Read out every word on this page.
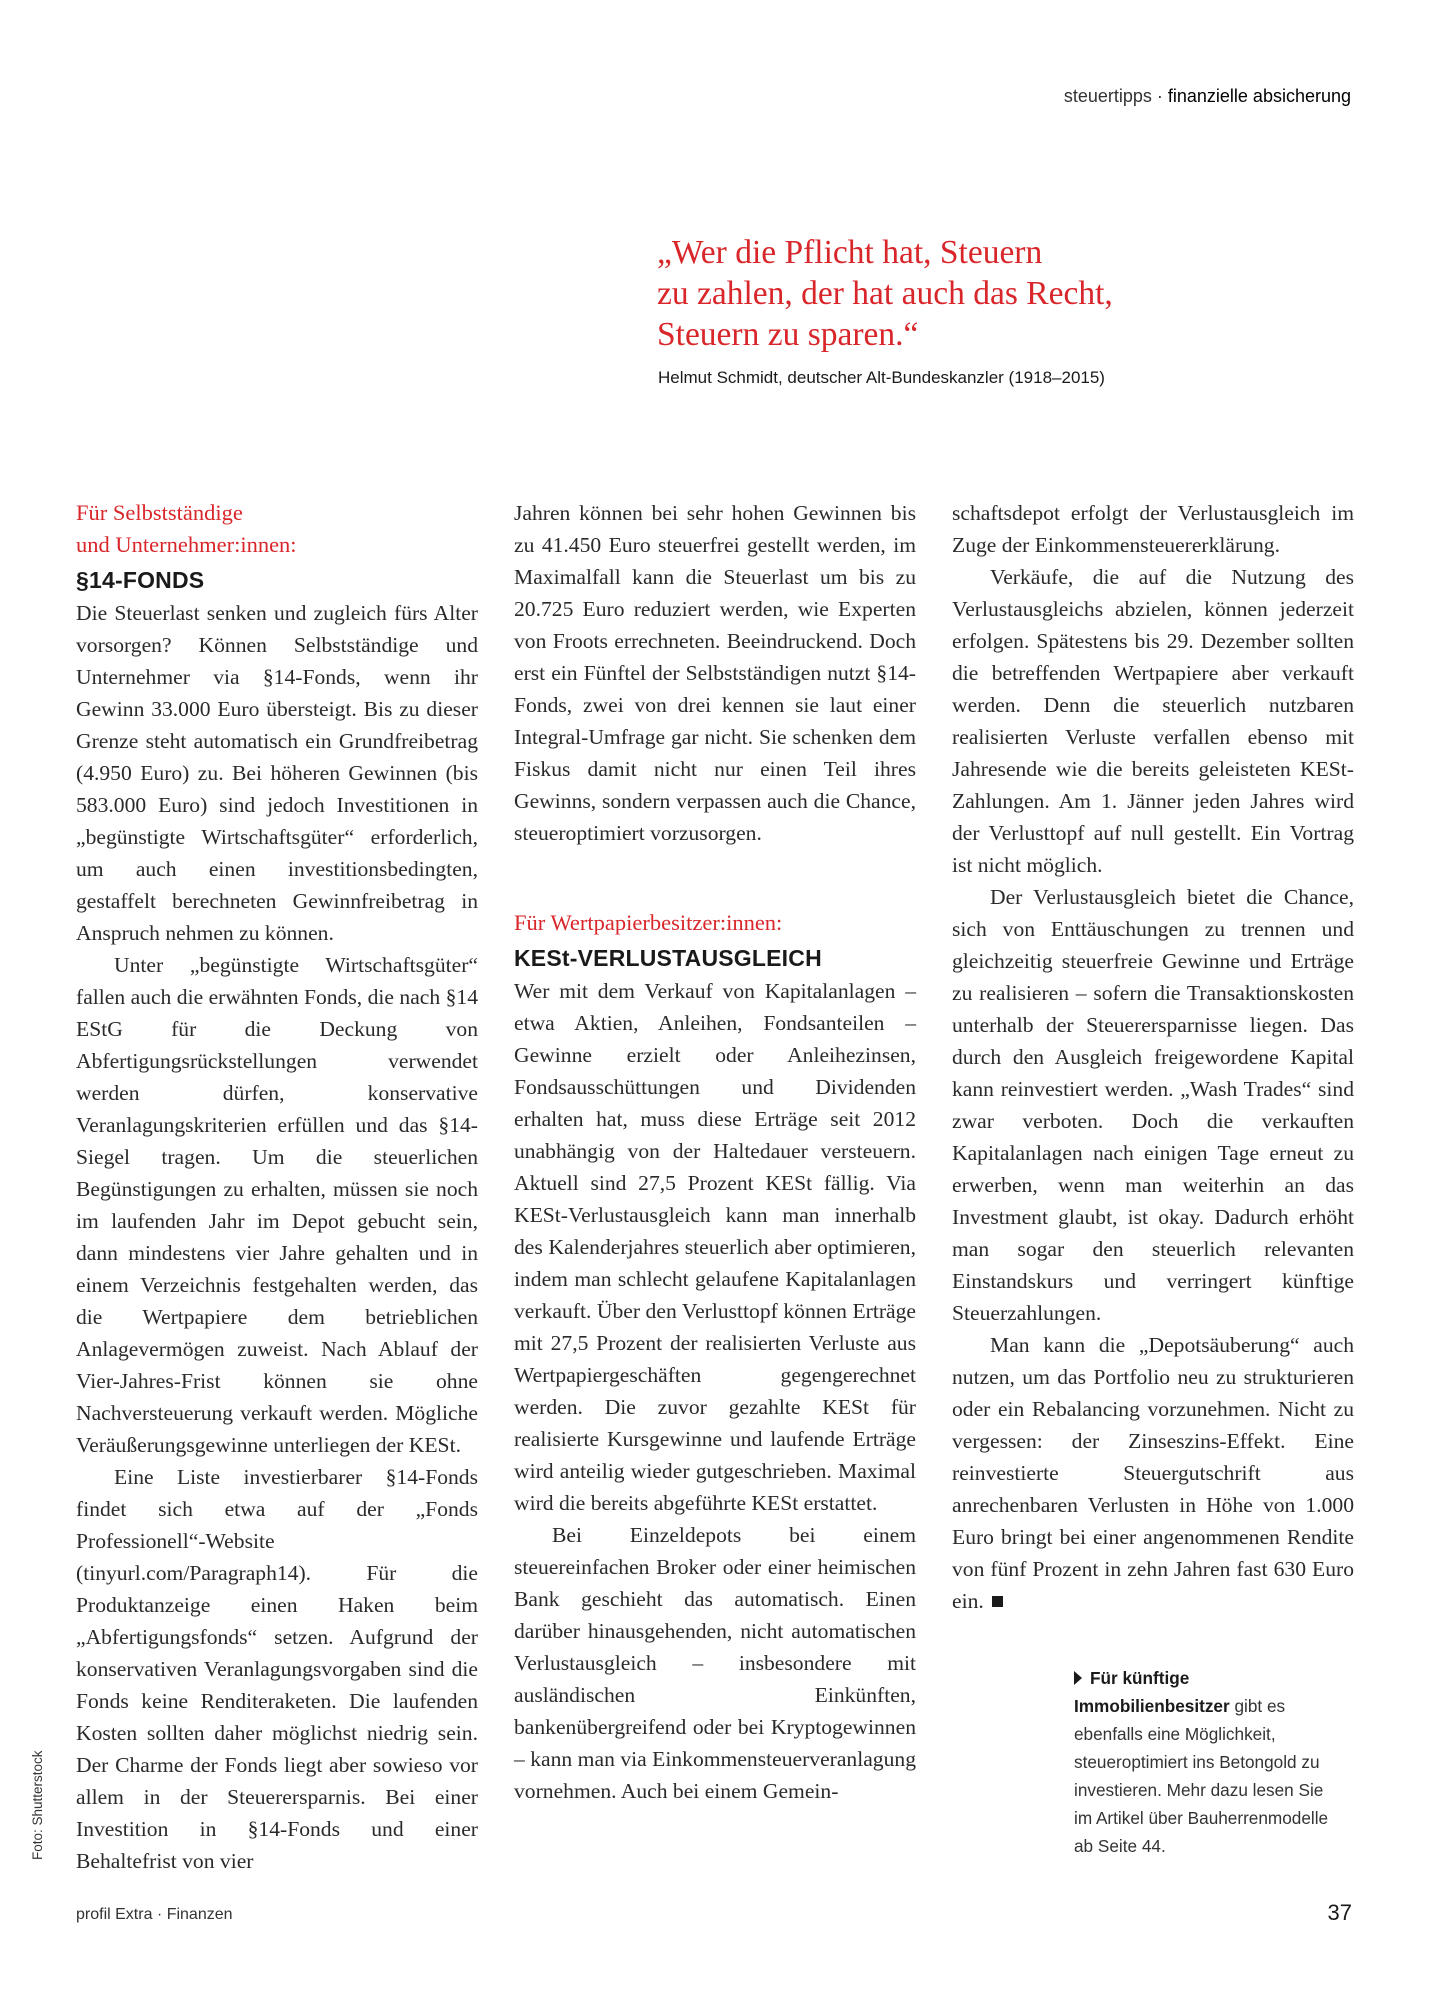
steuertipps · finanzielle absicherung

„Wer die Pflicht hat, Steuern

zu zahlen, der hat auch das Recht,

Steuern zu sparen.“

Helmut Schmidt, deutscher Alt-Bundeskanzler (1918–2015)
Für Selbstständige
und Unternehmer:innen:
§14-FONDS

Die Steuerlast senken und zugleich fürs Alter vorsorgen? Können Selbstständige und Unternehmer via §14-Fonds, wenn ihr Gewinn 33.000 Euro übersteigt. Bis zu dieser Grenze steht automatisch ein Grundfreibetrag (4.950 Euro) zu. Bei höheren Gewinnen (bis 583.000 Euro) sind jedoch Investitionen in „begünstigte Wirtschaftsgüter“ erforderlich, um auch einen investitionsbedingten, gestaffelt berechneten Gewinnfreibetrag in Anspruch nehmen zu können.

Unter „begünstigte Wirtschaftsgüter“ fallen auch die erwähnten Fonds, die nach §14 EStG für die Deckung von Abfertigungsrückstellungen verwendet werden dürfen, konservative Veranlagungskriterien erfüllen und das §14-Siegel tragen. Um die steuerlichen Begünstigungen zu erhalten, müssen sie noch im laufenden Jahr im Depot gebucht sein, dann mindestens vier Jahre gehalten und in einem Verzeichnis festgehalten werden, das die Wertpapiere dem betrieblichen Anlagevermögen zuweist. Nach Ablauf der Vier-Jahres-Frist können sie ohne Nachversteuerung verkauft werden. Mögliche Veräußerungsgewinne unterliegen der KESt.

Eine Liste investierbarer §14-Fonds findet sich etwa auf der „Fonds Professionell“-Website (tinyurl.com/Paragraph14). Für die Produktanzeige einen Haken beim „Abfertigungsfonds“ setzen. Aufgrund der konservativen Veranlagungsvorgaben sind die Fonds keine Renditeraketen. Die laufenden Kosten sollten daher möglichst niedrig sein. Der Charme der Fonds liegt aber sowieso vor allem in der Steuerersparnis. Bei einer Investition in §14-Fonds und einer Behaltefrist von vier

Jahren können bei sehr hohen Gewinnen bis zu 41.450 Euro steuerfrei gestellt werden, im Maximalfall kann die Steuerlast um bis zu 20.725 Euro reduziert werden, wie Experten von Froots errechneten. Beeindruckend. Doch erst ein Fünftel der Selbstständigen nutzt §14-Fonds, zwei von drei kennen sie laut einer Integral-Umfrage gar nicht. Sie schenken dem Fiskus damit nicht nur einen Teil ihres Gewinns, sondern verpassen auch die Chance, steueroptimiert vorzusorgen.

Für Wertpapierbesitzer:innen:
KESt-VERLUSTAUSGLEICH

Wer mit dem Verkauf von Kapitalanlagen – etwa Aktien, Anleihen, Fondsanteilen – Gewinne erzielt oder Anleihezinsen, Fondsausschüttungen und Dividenden erhalten hat, muss diese Erträge seit 2012 unabhängig von der Haltedauer versteuern. Aktuell sind 27,5 Prozent KESt fällig. Via KESt-Verlustausgleich kann man innerhalb des Kalenderjahres steuerlich aber optimieren, indem man schlecht gelaufene Kapitalanlagen verkauft. Über den Verlusttopf können Erträge mit 27,5 Prozent der realisierten Verluste aus Wertpapiergeschäften gegengerechnet werden. Die zuvor gezahlte KESt für realisierte Kursgewinne und laufende Erträge wird anteilig wieder gutgeschrieben. Maximal wird die bereits abgeführte KESt erstattet.

Bei Einzeldepots bei einem steuereinfachen Broker oder einer heimischen Bank geschieht das automatisch. Einen darüber hinausgehenden, nicht automatischen Verlustausgleich – insbesondere mit ausländischen Einkünften, bankenübergreifend oder bei Kryptogewinnen – kann man via Einkommensteuerveranlagung vornehmen. Auch bei einem Gemein-

schaftsdepot erfolgt der Verlustausgleich im Zuge der Einkommensteuererklärung.

Verkäufe, die auf die Nutzung des Verlustausgleichs abzielen, können jederzeit erfolgen. Spätestens bis 29. Dezember sollten die betreffenden Wertpapiere aber verkauft werden. Denn die steuerlich nutzbaren realisierten Verluste verfallen ebenso mit Jahresende wie die bereits geleisteten KESt-Zahlungen. Am 1. Jänner jeden Jahres wird der Verlusttopf auf null gestellt. Ein Vortrag ist nicht möglich.

Der Verlustausgleich bietet die Chance, sich von Enttäuschungen zu trennen und gleichzeitig steuerfreie Gewinne und Erträge zu realisieren – sofern die Transaktionskosten unterhalb der Steuerersparnisse liegen. Das durch den Ausgleich freigewordene Kapital kann reinvestiert werden. „Wash Trades“ sind zwar verboten. Doch die verkauften Kapitalanlagen nach einigen Tage erneut zu erwerben, wenn man weiterhin an das Investment glaubt, ist okay. Dadurch erhöht man sogar den steuerlich relevanten Einstandskurs und verringert künftige Steuerzahlungen.

Man kann die „Depotsäuberung“ auch nutzen, um das Portfolio neu zu strukturieren oder ein Rebalancing vorzunehmen. Nicht zu vergessen: der Zinseszins-Effekt. Eine reinvestierte Steuergutschrift aus anrechenbaren Verlusten in Höhe von 1.000 Euro bringt bei einer angenommenen Rendite von fünf Prozent in zehn Jahren fast 630 Euro ein.

Für künftige Immobilienbesitzer gibt es ebenfalls eine Möglichkeit, steueroptimiert ins Betongold zu investieren. Mehr dazu lesen Sie im Artikel über Bauherrenmodelle ab Seite 44.

Foto: Shutterstock
profil Extra · Finanzen	37
